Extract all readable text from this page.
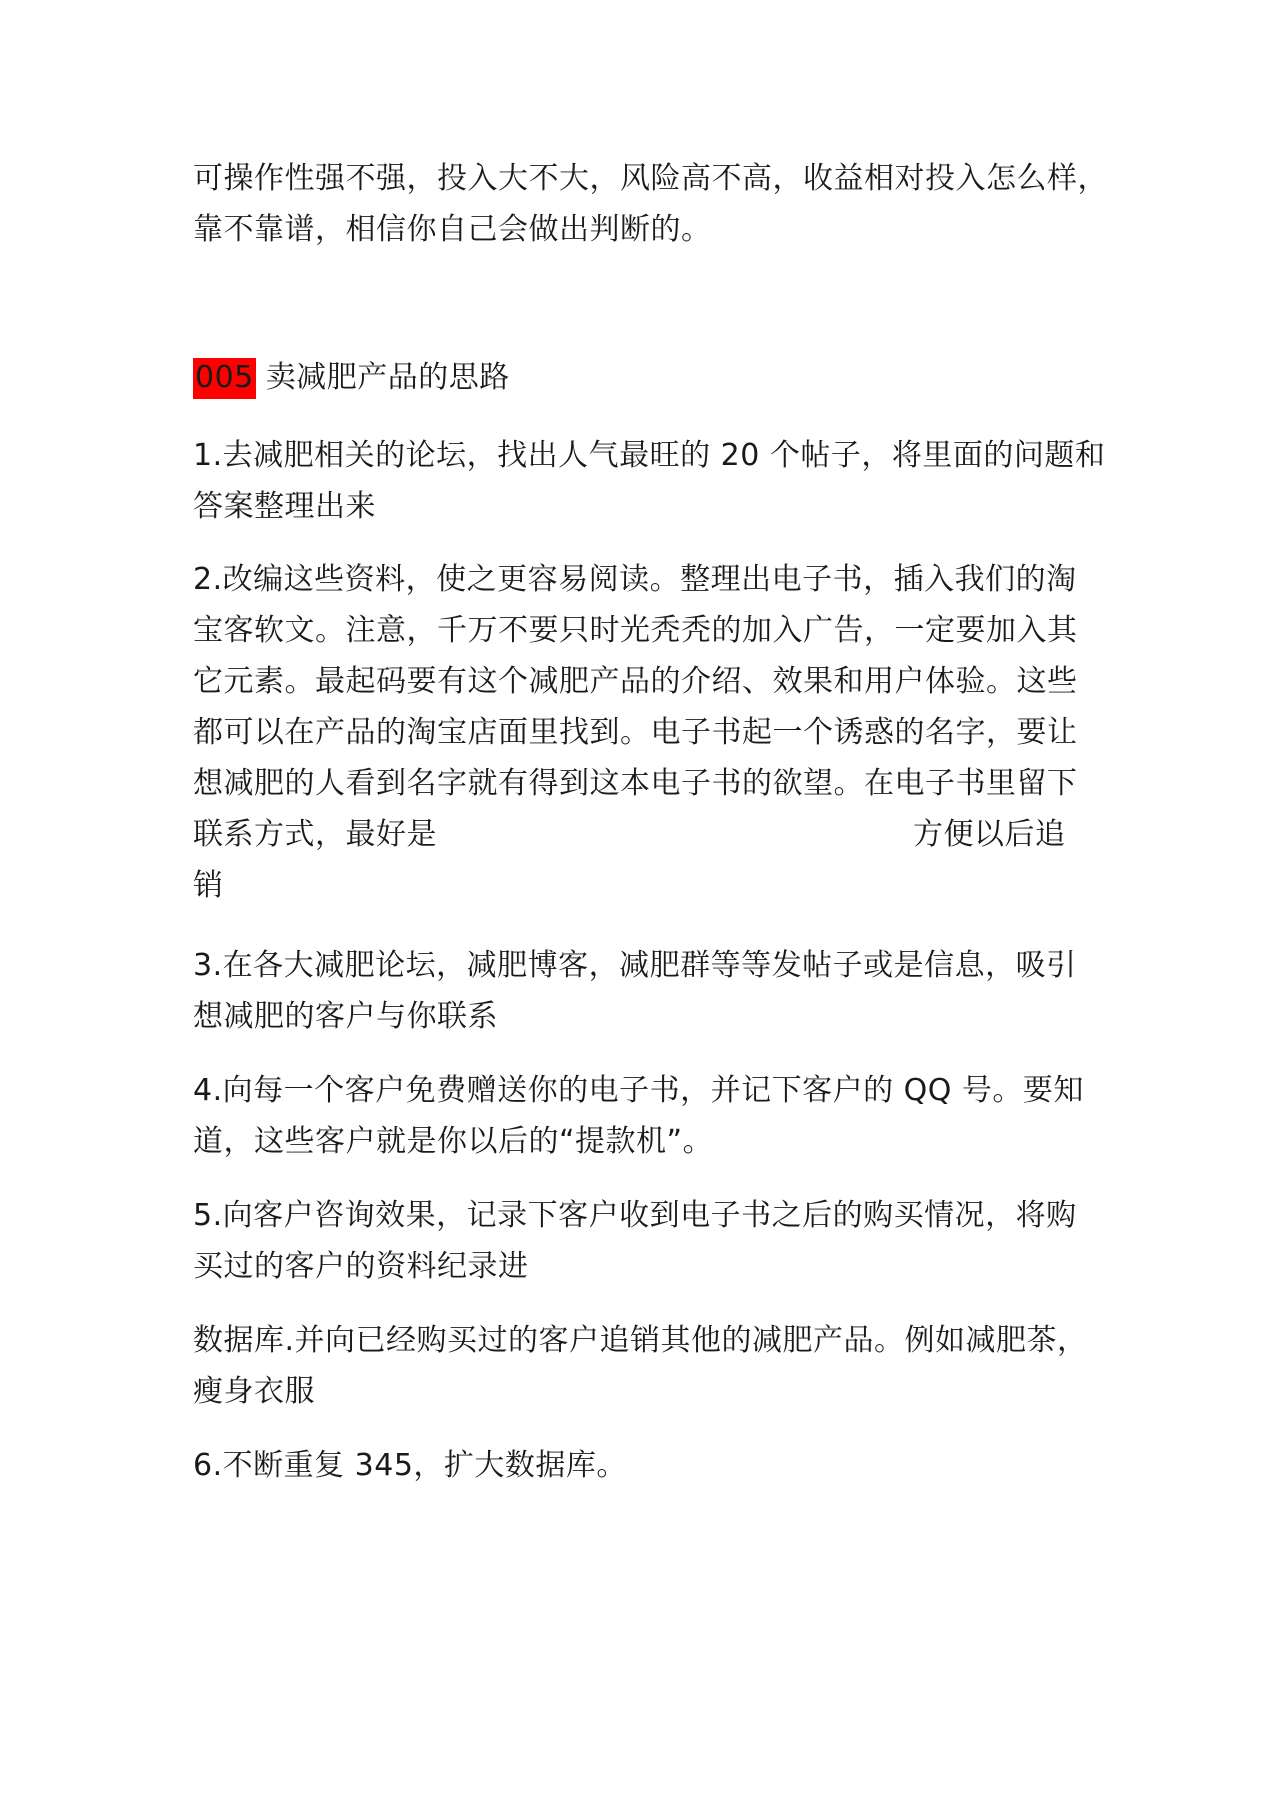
可操作性强不强，投入大不大，风险高不高，收益相对投入怎么样，
靠不靠谱，相信你自己会做出判断的。
005 卖减肥产品的思路
1.去减肥相关的论坛，找出人气最旺的 20 个帖子，将里面的问题和
答案整理出来
2.改编这些资料，使之更容易阅读。整理出电子书，插入我们的淘
宝客软文。注意，千万不要只时光秃秃的加入广告，一定要加入其
它元素。最起码要有这个减肥产品的介绍、效果和用户体验。这些
都可以在产品的淘宝店面里找到。电子书起一个诱惑的名字，要让
想减肥的人看到名字就有得到这本电子书的欲望。在电子书里留下
联系方式，最好是	方便以后追
销
3.在各大减肥论坛，减肥博客，减肥群等等发帖子或是信息，吸引
想减肥的客户与你联系
4.向每一个客户免费赠送你的电子书，并记下客户的 QQ 号。要知
道，这些客户就是你以后的“提款机”。
5.向客户咨询效果，记录下客户收到电子书之后的购买情况，将购
买过的客户的资料纪录进
数据库.并向已经购买过的客户追销其他的减肥产品。例如减肥茶，
瘦身衣服
6.不断重复 345，扩大数据库。
